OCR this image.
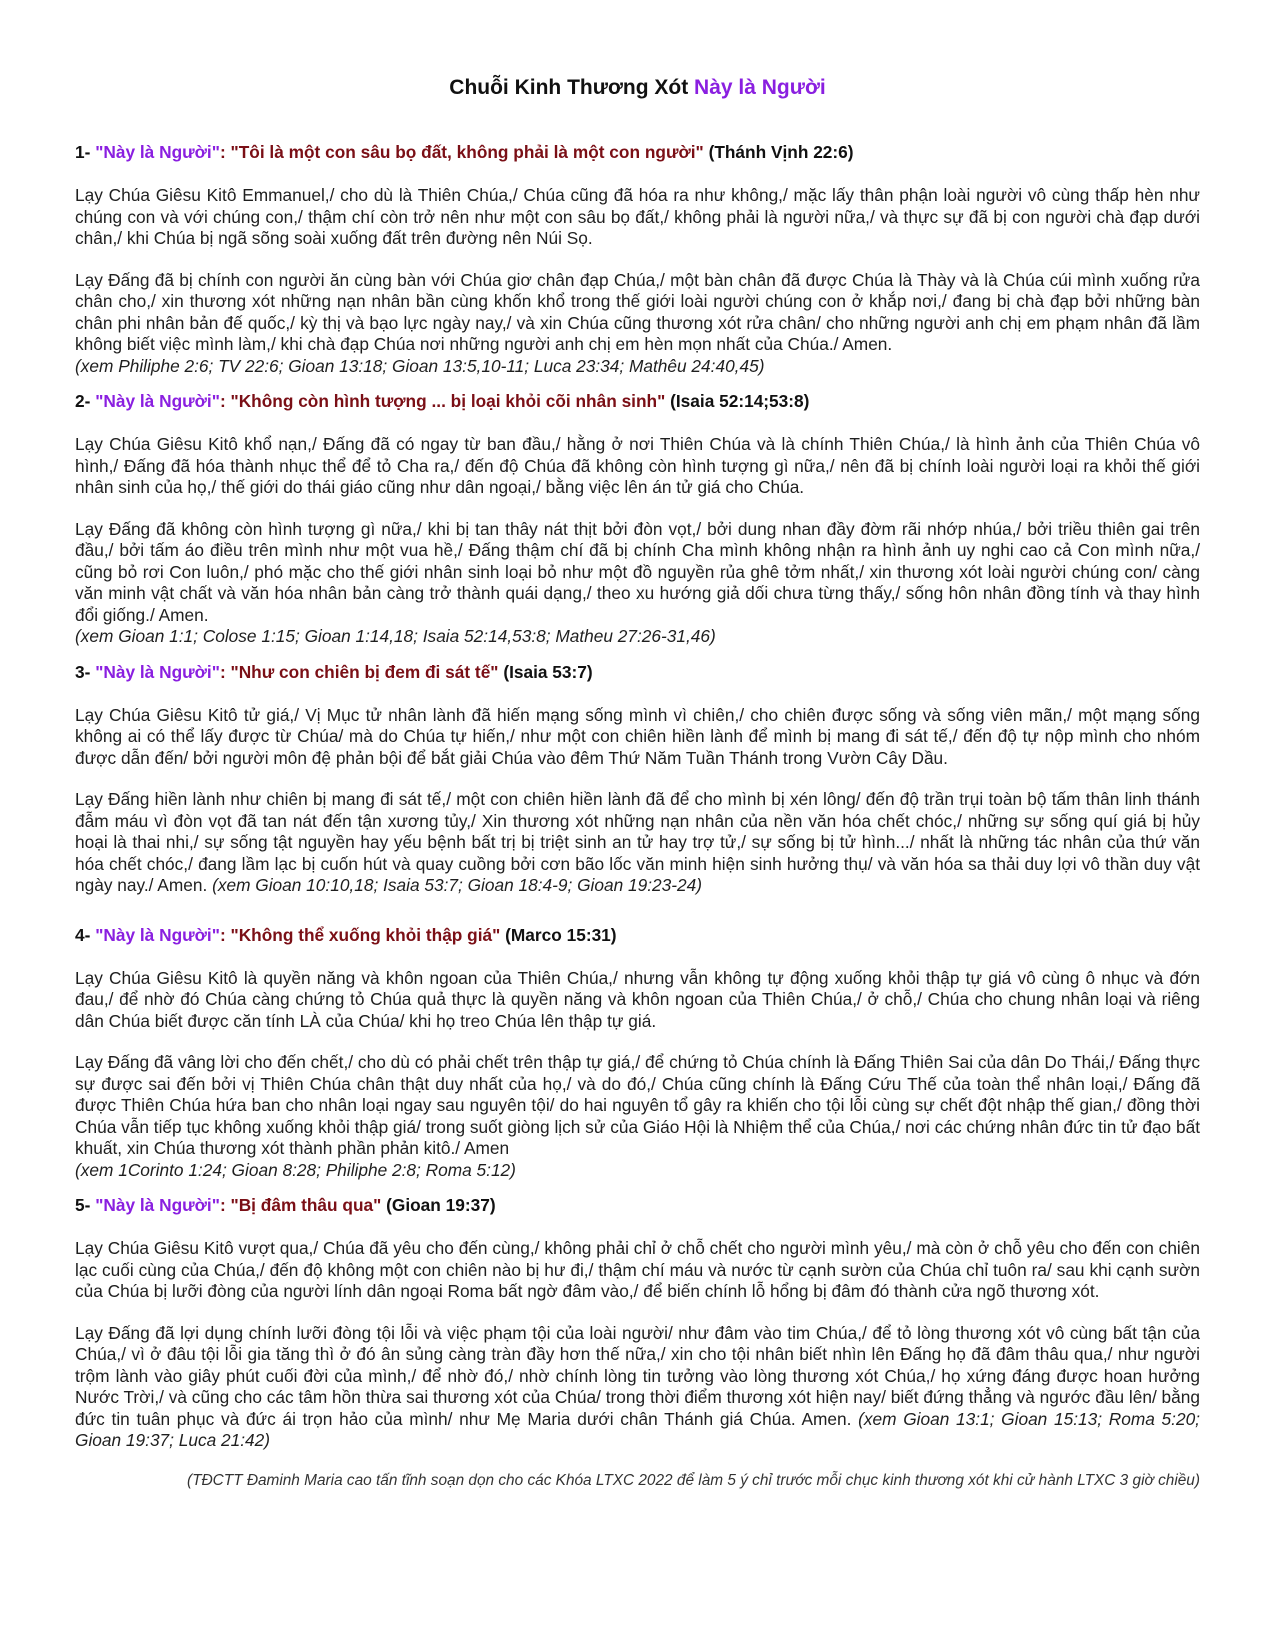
Chuỗi Kinh Thương Xót Này là Người
1- "Này là Người": "Tôi là một con sâu bọ đất, không phải là một con người" (Thánh Vịnh 22:6)

Lạy Chúa Giêsu Kitô Emmanuel,/ cho dù là Thiên Chúa,/ Chúa cũng đã hóa ra như không,/ mặc lấy thân phận loài người vô cùng thấp hèn như chúng con và với chúng con,/ thậm chí còn trở nên như một con sâu bọ đất,/ không phải là người nữa,/ và thực sự đã bị con người chà đạp dưới chân,/ khi Chúa bị ngã sõng soài xuống đất trên đường nên Núi Sọ.

Lạy Đấng đã bị chính con người ăn cùng bàn với Chúa giơ chân đạp Chúa,/ một bàn chân đã được Chúa là Thày và là Chúa cúi mình xuống rửa chân cho,/ xin thương xót những nạn nhân bần cùng khốn khổ trong thế giới loài người chúng con ở khắp nơi,/ đang bị chà đạp bởi những bàn chân phi nhân bản đế quốc,/ kỳ thị và bạo lực ngày nay,/ và xin Chúa cũng thương xót rửa chân/ cho những người anh chị em phạm nhân đã lầm không biết việc mình làm,/ khi chà đạp Chúa nơi những người anh chị em hèn mọn nhất của Chúa./ Amen.

(xem Philiphe 2:6; TV 22:6; Gioan 13:18; Gioan 13:5,10-11; Luca 23:34; Mathêu 24:40,45)
2- "Này là Người": "Không còn hình tượng ... bị loại khỏi cõi nhân sinh" (Isaia 52:14;53:8)

Lạy Chúa Giêsu Kitô khổ nạn,/ Đấng đã có ngay từ ban đầu,/ hằng ở nơi Thiên Chúa và là chính Thiên Chúa,/ là hình ảnh của Thiên Chúa vô hình,/ Đấng đã hóa thành nhục thể để tỏ Cha ra,/ đến độ Chúa đã không còn hình tượng gì nữa,/ nên đã bị chính loài người loại ra khỏi thế giới nhân sinh của họ,/ thế giới do thái giáo cũng như dân ngoại,/ bằng việc lên án tử giá cho Chúa.

Lạy Đấng đã không còn hình tượng gì nữa,/ khi bị tan thây nát thịt bởi đòn vọt,/ bởi dung nhan đầy đờm rãi nhớp nhúa,/ bởi triều thiên gai trên đầu,/ bởi tấm áo điều trên mình như một vua hề,/ Đấng thậm chí đã bị chính Cha mình không nhận ra hình ảnh uy nghi cao cả Con mình nữa,/ cũng bỏ rơi Con luôn,/ phó mặc cho thế giới nhân sinh loại bỏ như một đồ nguyền rủa ghê tởm nhất,/ xin thương xót loài người chúng con/ càng văn minh vật chất và văn hóa nhân bản càng trở thành quái dạng,/ theo xu hướng giả dối chưa từng thấy,/ sống hôn nhân đồng tính và thay hình đổi giống./ Amen.

(xem Gioan 1:1; Colose 1:15; Gioan 1:14,18; Isaia 52:14,53:8; Matheu 27:26-31,46)
3- "Này là Người": "Như con chiên bị đem đi sát tế" (Isaia 53:7)

Lạy Chúa Giêsu Kitô tử giá,/ Vị Mục tử nhân lành đã hiến mạng sống mình vì chiên,/ cho chiên được sống và sống viên mãn,/ một mạng sống không ai có thể lấy được từ Chúa/ mà do Chúa tự hiến,/ như một con chiên hiền lành để mình bị mang đi sát tế,/ đến độ tự nộp mình cho nhóm được dẫn đến/ bởi người môn đệ phản bội để bắt giải Chúa vào đêm Thứ Năm Tuần Thánh trong Vườn Cây Dầu.

Lạy Đấng hiền lành như chiên bị mang đi sát tế,/ một con chiên hiền lành đã để cho mình bị xén lông/ đến độ trần trụi toàn bộ tấm thân linh thánh đẫm máu vì đòn vọt đã tan nát đến tận xương tủy,/ Xin thương xót những nạn nhân của nền văn hóa chết chóc,/ những sự sống quí giá bị hủy hoại là thai nhi,/ sự sống tật nguyền hay yếu bệnh bất trị bị triệt sinh an tử hay trợ tử,/ sự sống bị tử hình.../ nhất là những tác nhân của thứ văn hóa chết chóc,/ đang lầm lạc bị cuốn hút và quay cuồng bởi cơn bão lốc văn minh hiện sinh hưởng thụ/ và văn hóa sa thải duy lợi vô thần duy vật ngày nay./ Amen. (xem Gioan 10:10,18; Isaia 53:7; Gioan 18:4-9; Gioan 19:23-24)

4- "Này là Người": "Không thể xuống khỏi thập giá" (Marco 15:31)

Lạy Chúa Giêsu Kitô là quyền năng và khôn ngoan của Thiên Chúa,/ nhưng vẫn không tự động xuống khỏi thập tự giá vô cùng ô nhục và đớn đau,/ để nhờ đó Chúa càng chứng tỏ Chúa quả thực là quyền năng và khôn ngoan của Thiên Chúa,/ ở chỗ,/ Chúa cho chung nhân loại và riêng dân Chúa biết được căn tính LÀ của Chúa/ khi họ treo Chúa lên thập tự giá.

Lạy Đấng đã vâng lời cho đến chết,/ cho dù có phải chết trên thập tự giá,/ để chứng tỏ Chúa chính là Đấng Thiên Sai của dân Do Thái,/ Đấng thực sự được sai đến bởi vị Thiên Chúa chân thật duy nhất của họ,/ và do đó,/ Chúa cũng chính là Đấng Cứu Thế của toàn thể nhân loại,/ Đấng đã được Thiên Chúa hứa ban cho nhân loại ngay sau nguyên tội/ do hai nguyên tổ gây ra khiến cho tội lỗi cùng sự chết đột nhập thế gian,/ đồng thời Chúa vẫn tiếp tục không xuống khỏi thập giá/ trong suốt giòng lịch sử của Giáo Hội là Nhiệm thể của Chúa,/ nơi các chứng nhân đức tin tử đạo bất khuất, xin Chúa thương xót thành phần phản kitô./ Amen

(xem 1Corinto 1:24; Gioan 8:28; Philiphe 2:8; Roma 5:12)
5- "Này là Người": "Bị đâm thâu qua" (Gioan 19:37)

Lạy Chúa Giêsu Kitô vượt qua,/ Chúa đã yêu cho đến cùng,/ không phải chỉ ở chỗ chết cho người mình yêu,/ mà còn ở chỗ yêu cho đến con chiên lạc cuối cùng của Chúa,/ đến độ không một con chiên nào bị hư đi,/ thậm chí máu và nước từ cạnh sườn của Chúa chỉ tuôn ra/ sau khi cạnh sườn của Chúa bị lưỡi đòng của người lính dân ngoại Roma bất ngờ đâm vào,/ để biến chính lỗ hổng bị đâm đó thành cửa ngõ thương xót.

Lạy Đấng đã lợi dụng chính lưỡi đòng tội lỗi và việc phạm tội của loài người/ như đâm vào tim Chúa,/ để tỏ lòng thương xót vô cùng bất tận của Chúa,/ vì ở đâu tội lỗi gia tăng thì ở đó ân sủng càng tràn đầy hơn thế nữa,/ xin cho tội nhân biết nhìn lên Đấng họ đã đâm thâu qua,/ như người trộm lành vào giây phút cuối đời của mình,/ để nhờ đó,/ nhờ chính lòng tin tưởng vào lòng thương xót Chúa,/ họ xứng đáng được hoan hưởng Nước Trời,/ và cũng cho các tâm hồn thừa sai thương xót của Chúa/ trong thời điểm thương xót hiện nay/ biết đứng thẳng và ngước đầu lên/ bằng đức tin tuân phục và đức ái trọn hảo của mình/ như Mẹ Maria dưới chân Thánh giá Chúa. Amen. (xem Gioan 13:1; Gioan 15:13; Roma 5:20; Gioan 19:37; Luca 21:42)

(TĐCTT Đaminh Maria cao tấn tĩnh soạn dọn cho các Khóa LTXC 2022 để làm 5 ý chỉ trước mỗi chục kinh thương xót khi cử hành LTXC 3 giờ chiều)
